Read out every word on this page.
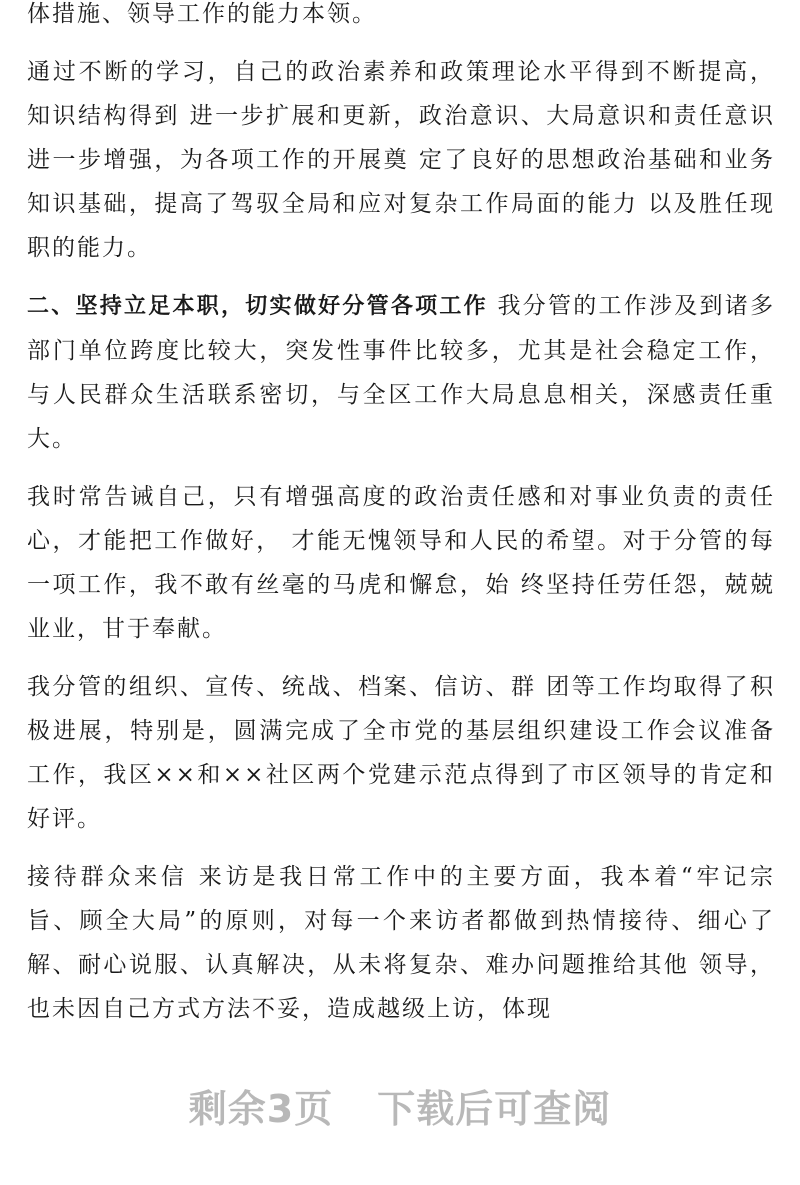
体措施、领导工作的能力本领。

通过不断的学习，自己的政治素养和政策理论水平得到不断提高，知识结构得到 进一步扩展和更新，政治意识、大局意识和责任意识进一步增强，为各项工作的开展奠 定了良好的思想政治基础和业务知识基础，提高了驾驭全局和应对复杂工作局面的能力 以及胜任现职的能力。

二、坚持立足本职，切实做好分管各项工作 我分管的工作涉及到诸多部门单位跨度比较大，突发性事件比较多，尤其是社会稳定工作，与人民群众生活联系密切，与全区工作大局息息相关，深感责任重大。

我时常告诫自己，只有增强高度的政治责任感和对事业负责的责任心，才能把工作做好， 才能无愧领导和人民的希望。对于分管的每一项工作，我不敢有丝毫的马虎和懈怠，始 终坚持任劳任怨，兢兢业业，甘于奉献。

我分管的组织、宣传、统战、档案、信访、群 团等工作均取得了积极进展，特别是，圆满完成了全市党的基层组织建设工作会议准备工作，我区××和××社区两个党建示范点得到了市区领导的肯定和好评。

接待群众来信 来访是我日常工作中的主要方面，我本着“牢记宗旨、顾全大局”的原则，对每一个来访者都做到热情接待、细心了解、耐心说服、认真解决，从未将复杂、难办问题推给其他 领导，也未因自己方式方法不妥，造成越级上访，体现

剩余3页 下载后可查阅
